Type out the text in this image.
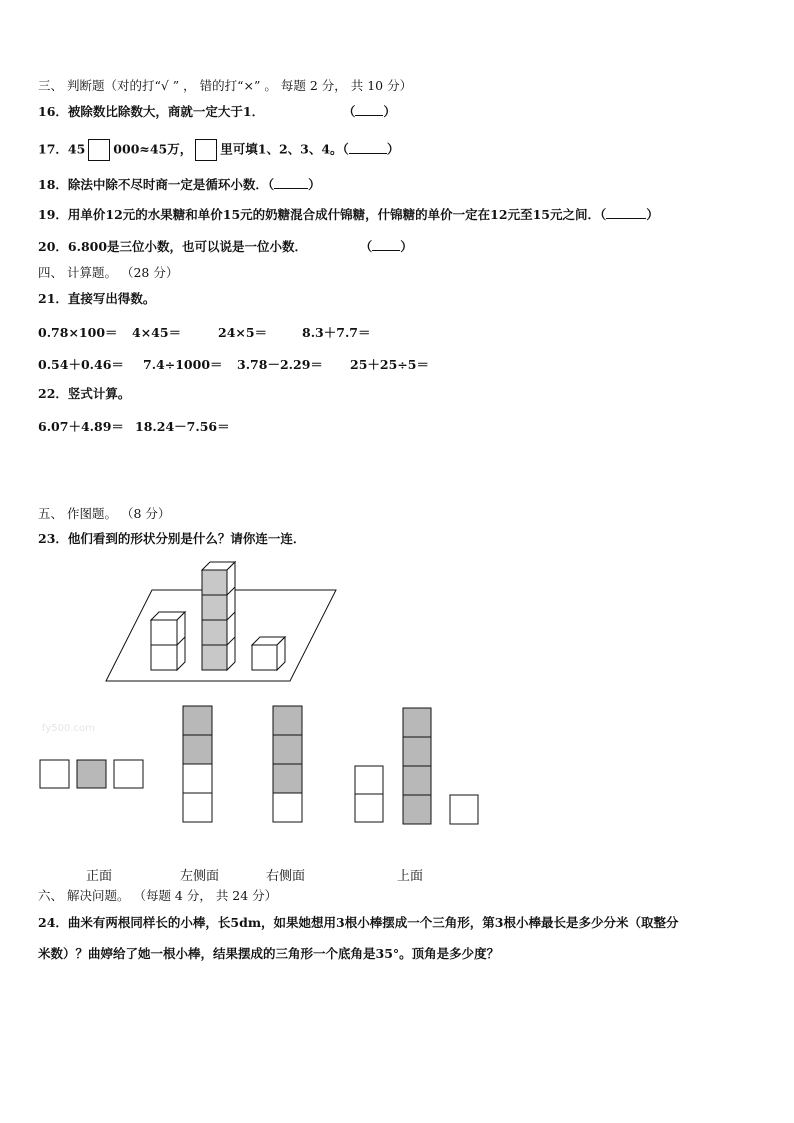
三、 判断题（对的打“√ ” ， 错的打“×” 。 每题 2 分， 共 10 分）
16．被除数比除数大，商就一定大于1．	（ ）
17．45 000≈45万， 里可填1、2、3、4。（	）
18．除法中除不尽时商一定是循环小数．（	）
19．用单价12元的水果糖和单价15元的奶糖混合成什锦糖，什锦糖的单价一定在12元至15元之间．（	）
20．6.800是三位小数，也可以说是一位小数．	（ ）
四、 计算题。 （28 分）
21．直接写出得数。
0.78×100＝ 4×45＝	24×5＝	8.3＋7.7＝
0.54＋0.46＝ 7.4÷1000＝ 3.78－2.29＝ 25＋25÷5＝
22．竖式计算。
6.07＋4.89＝ 18.24－7.56＝
五、 作图题。 （8 分）
23．他们看到的形状分别是什么？请你连一连．
fy500.com
正面	左侧面	右侧面	上面
六、 解决问题。 （每题 4 分， 共 24 分）
24．曲米有两根同样长的小棒，长5dm，如果她想用3根小棒摆成一个三角形，第3根小棒最长是多少分米（取整分
米数）？曲婷给了她一根小棒，结果摆成的三角形一个底角是35°。顶角是多少度？
